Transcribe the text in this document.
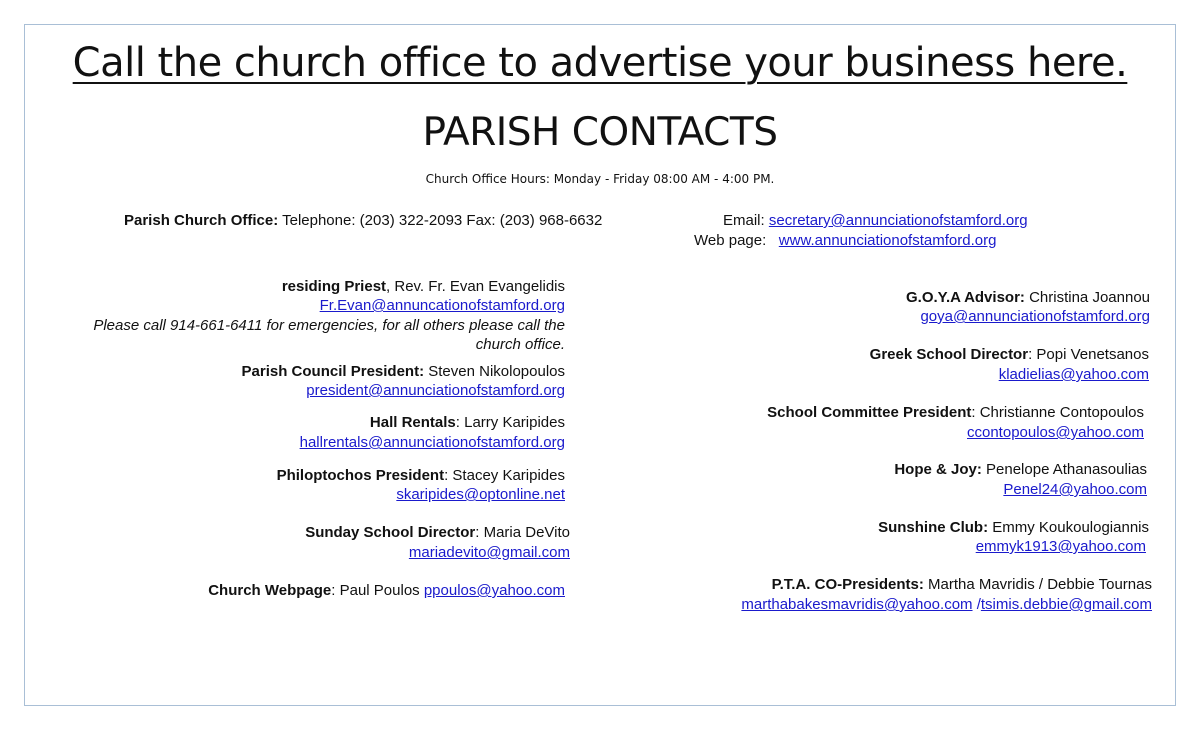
Call the church office to advertise your business here.
PARISH CONTACTS
Church Office Hours: Monday - Friday 08:00 AM - 4:00 PM.
Parish Church Office: Telephone: (203) 322-2093 Fax: (203) 968-6632	Email: secretary@annunciationofstamford.org
Web page: www.annunciationofstamford.org
residing Priest, Rev. Fr. Evan Evangelidis
Fr.Evan@annuncationofstamford.org
Please call 914-661-6411 for emergencies, for all others please call the
church office.
Parish Council President: Steven Nikolopoulos
president@annunciationofstamford.org
Hall Rentals: Larry Karipides
hallrentals@annunciationofstamford.org
Philoptochos President: Stacey Karipides
skaripides@optonline.net
Sunday School Director: Maria DeVito
mariadevito@gmail.com
Church Webpage: Paul Poulos ppoulos@yahoo.com
G.O.Y.A Advisor: Christina Joannou
goya@annunciationofstamford.org
Greek School Director: Popi Venetsanos
kladielias@yahoo.com
School Committee President: Christianne Contopoulos
ccontopoulos@yahoo.com
Hope & Joy: Penelope Athanasoulias
Penel24@yahoo.com
Sunshine Club: Emmy Koukoulogiannis
emmyk1913@yahoo.com
P.T.A. CO-Presidents: Martha Mavridis / Debbie Tournas
marthabakesmavridis@yahoo.com /tsimis.debbie@gmail.com
